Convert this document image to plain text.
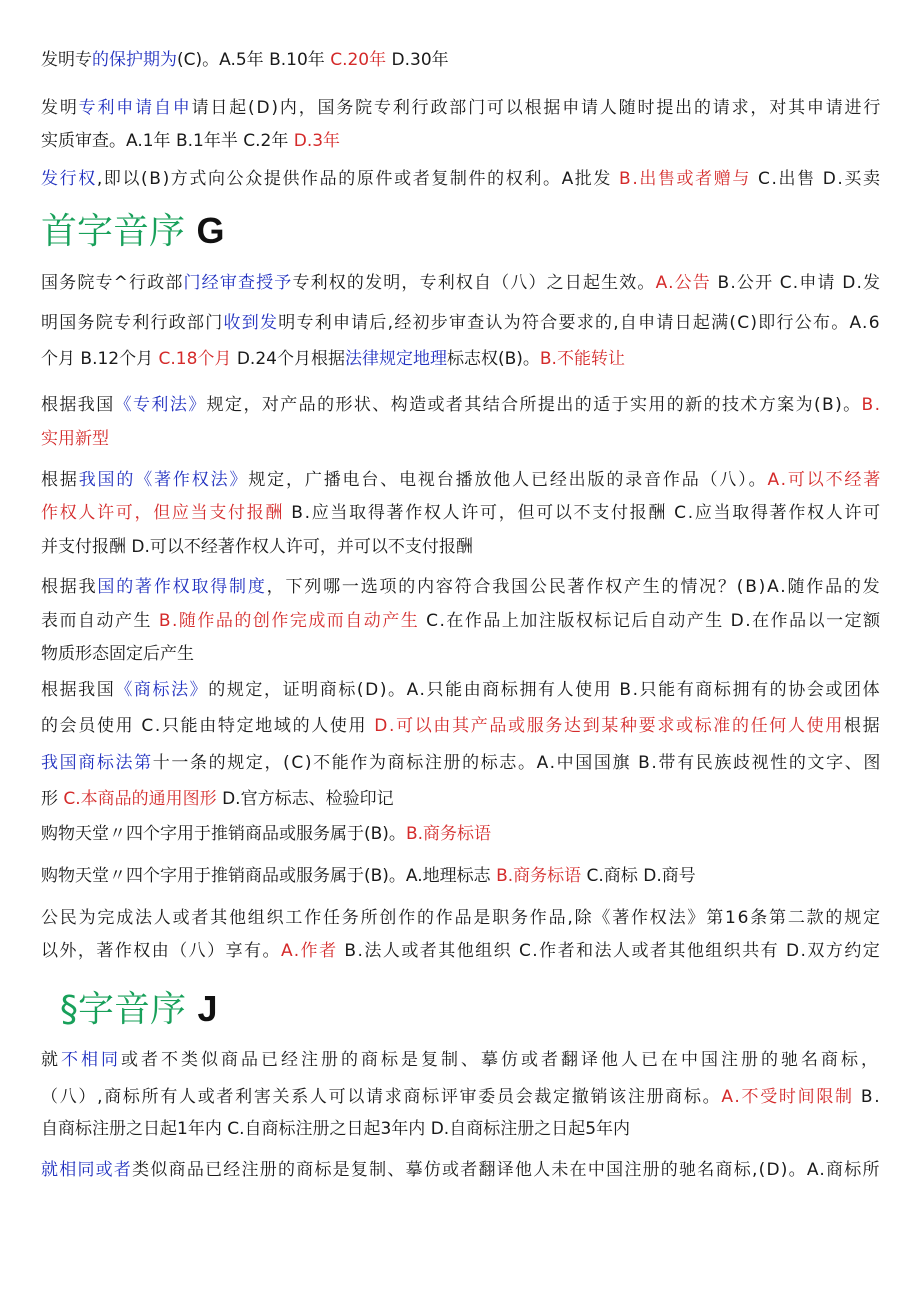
首字音序 G
§字音序 J
发明专的保护期为(C)。A.5年 B.10年 C.20年 D.30年
发明专利申请自申请日起(D)内，国务院专利行政部门可以根据申请人随时提出的请求，对其申请进行
实质审查。A.1年 B.1年半 C.2年 D.3年
发行权,即以(B)方式向公众提供作品的原件或者复制件的权利。A批发 B.出售或者赠与 C.出售 D.买卖
国务院专^行政部门经审查授予专利权的发明，专利权自（八）之日起生效。A.公告 B.公开 C.申请 D.发
明国务院专利行政部门收到发明专利申请后,经初步审查认为符合要求的,自申请日起满(C)即行公布。A.6
个月 B.12个月 C.18个月 D.24个月根据法律规定地理标志权(B)。B.不能转让
根据我国《专利法》规定，对产品的形状、构造或者其结合所提出的适于实用的新的技术方案为(B)。B.
实用新型
根据我国的《著作权法》规定，广播电台、电视台播放他人已经出版的录音作品（八）。A.可以不经著
作权人许可，但应当支付报酬 B.应当取得著作权人许可，但可以不支付报酬 C.应当取得著作权人许可
并支付报酬 D.可以不经著作权人许可，并可以不支付报酬
根据我国的著作权取得制度，下列哪一选项的内容符合我国公民著作权产生的情况？(B)A.随作品的发
表而自动产生 B.随作品的创作完成而自动产生 C.在作品上加注版权标记后自动产生 D.在作品以一定额
物质形态固定后产生
根据我国《商标法》的规定，证明商标(D)。A.只能由商标拥有人使用 B.只能有商标拥有的协会或团体
的会员使用 C.只能由特定地域的人使用 D.可以由其产品或服务达到某种要求或标准的任何人使用根据
我国商标法第十一条的规定，(C)不能作为商标注册的标志。A.中国国旗 B.带有民族歧视性的文字、图
形 C.本商品的通用图形 D.官方标志、检验印记
购物天堂〃四个字用于推销商品或服务属于(B)。B.商务标语
购物天堂〃四个字用于推销商品或服务属于(B)。A.地理标志 B.商务标语 C.商标 D.商号
公民为完成法人或者其他组织工作任务所创作的作品是职务作品,除《著作权法》第16条第二款的规定
以外，著作权由（八）享有。A.作者 B.法人或者其他组织 C.作者和法人或者其他组织共有 D.双方约定
就不相同或者不类似商品已经注册的商标是复制、摹仿或者翻译他人已在中国注册的驰名商标，
（八）,商标所有人或者利害关系人可以请求商标评审委员会裁定撤销该注册商标。A.不受时间限制 B.
自商标注册之日起1年内 C.自商标注册之日起3年内 D.自商标注册之日起5年内
就相同或者类似商品已经注册的商标是复制、摹仿或者翻译他人未在中国注册的驰名商标,(D)。A.商标所
